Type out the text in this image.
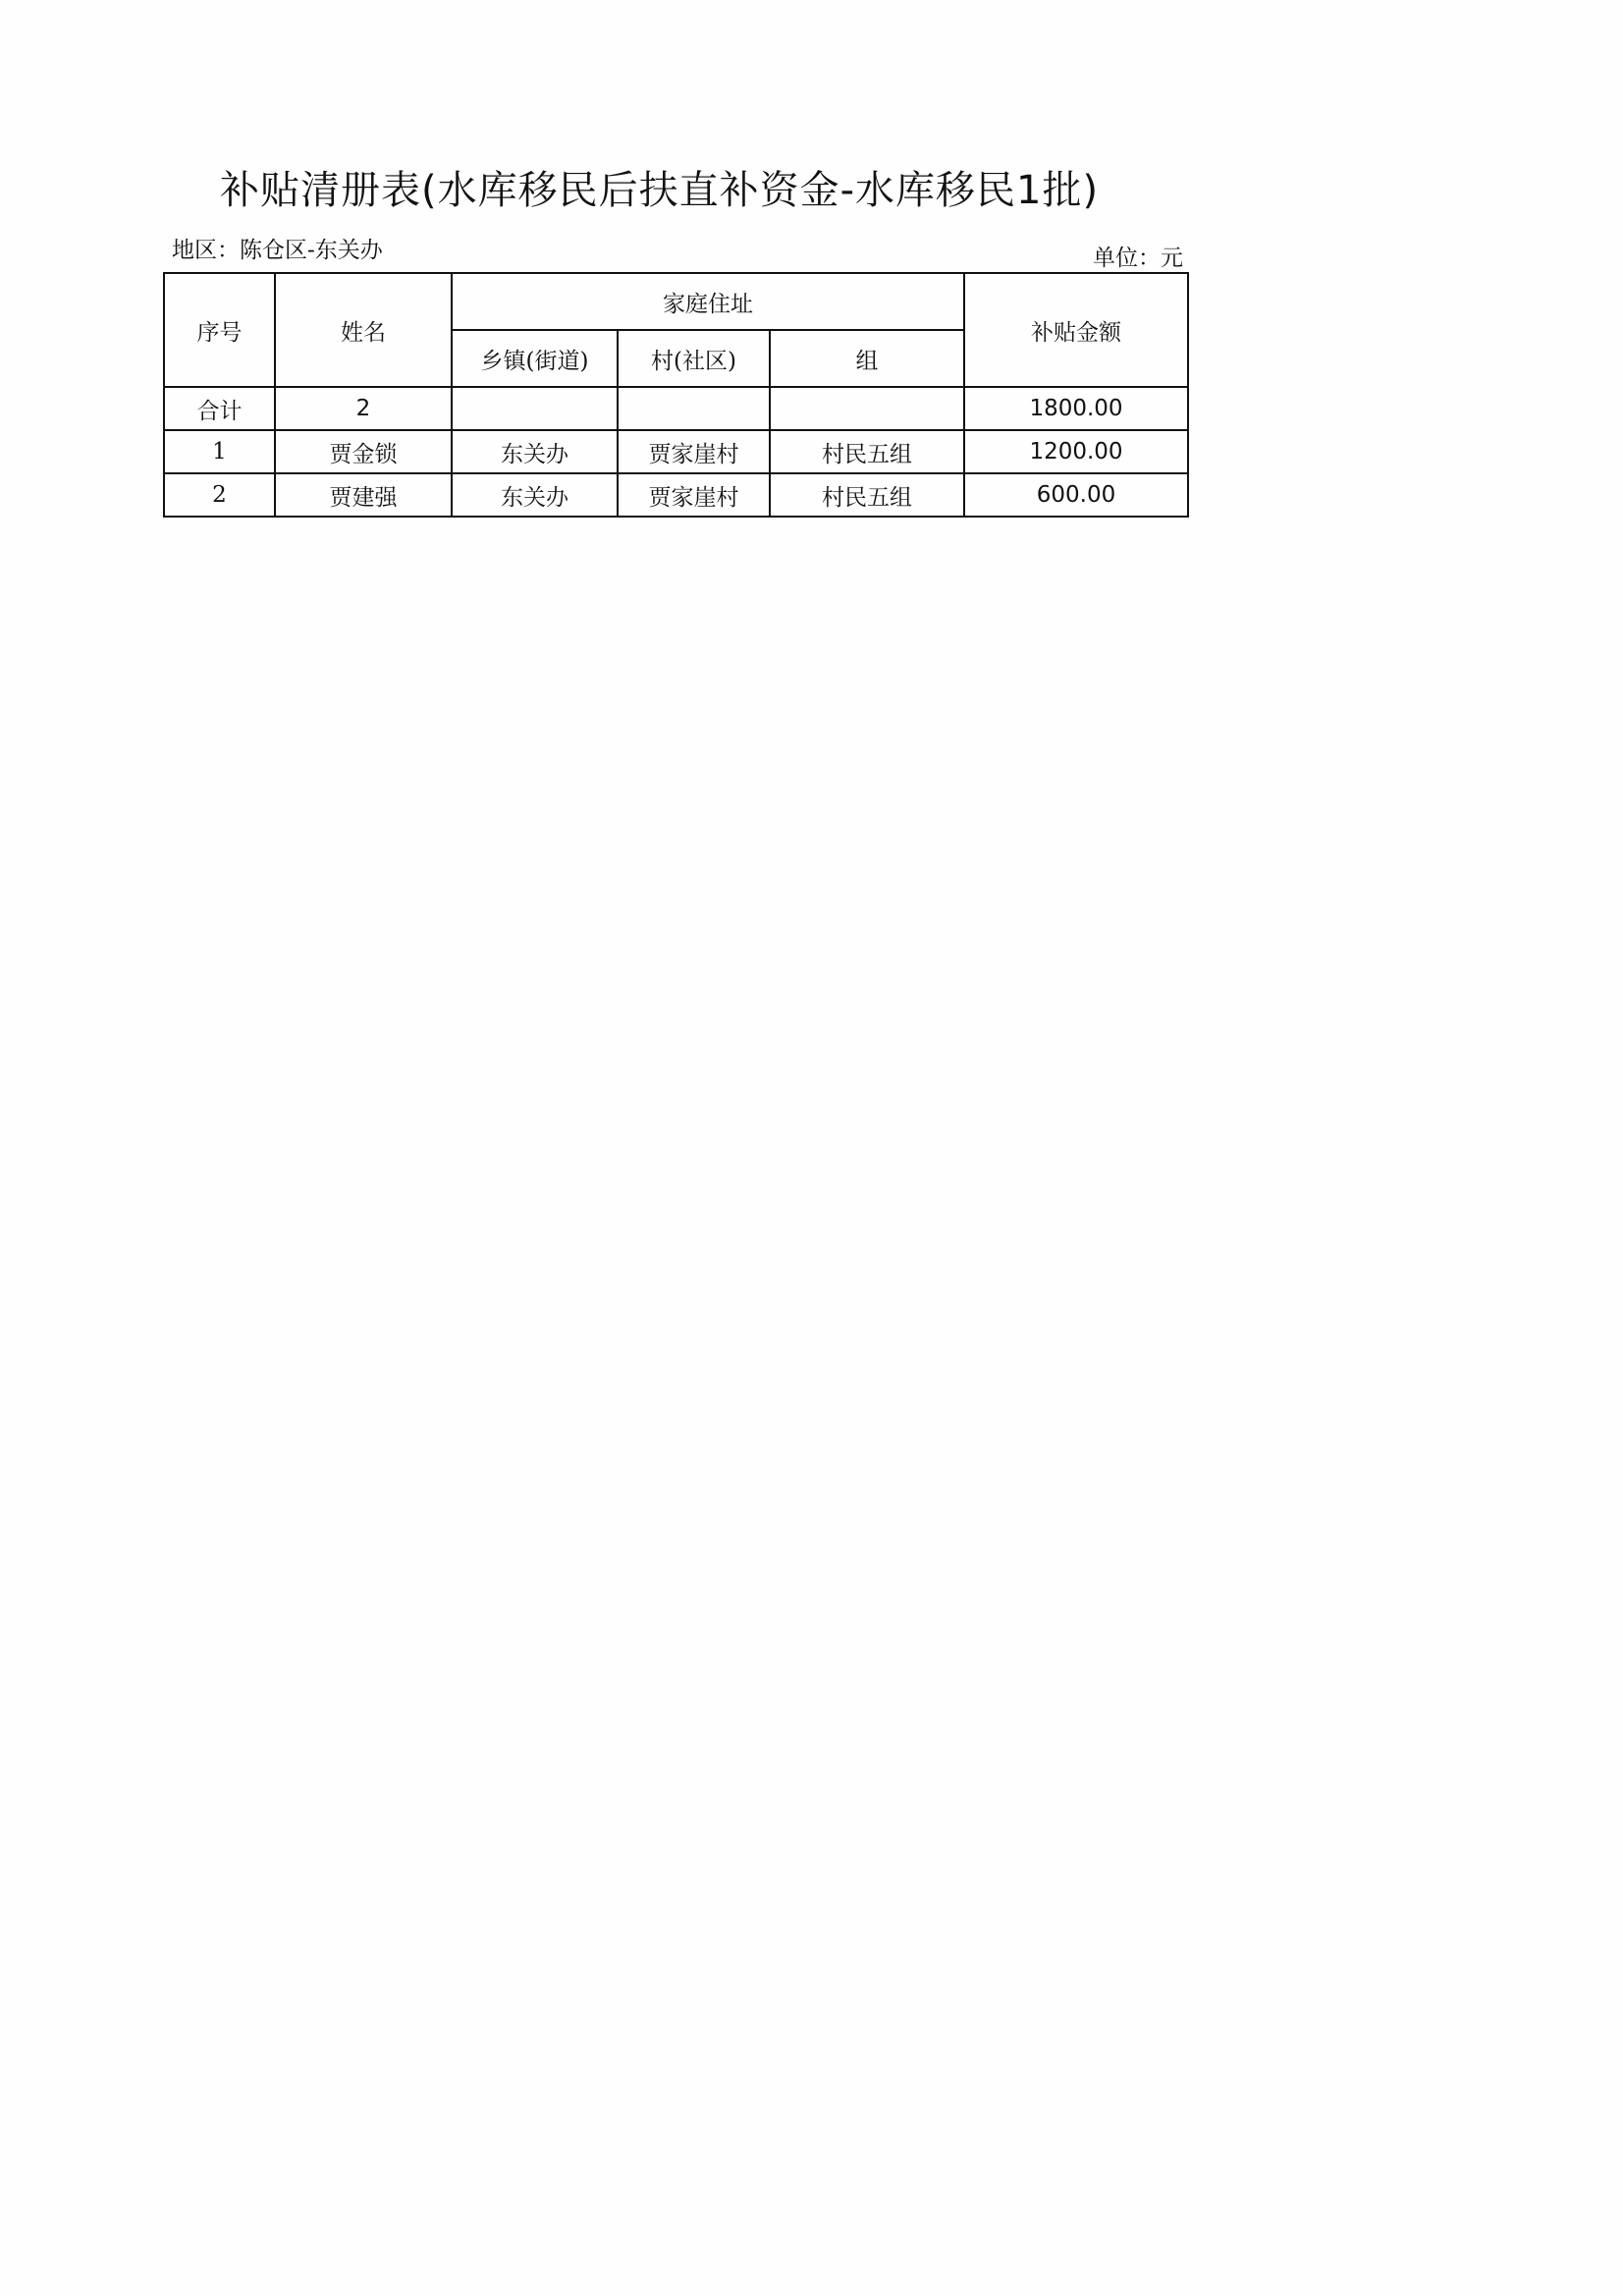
补贴清册表(水库移民后扶直补资金-水库移民1批)
地区：陈仓区-东关办	单位：元
序号	姓名	家庭住址			补贴金额
		乡镇(街道)	村(社区)	组	
合计	2				1800.00
1	贾金锁	东关办	贾家崖村	村民五组	1200.00
2	贾建强	东关办	贾家崖村	村民五组	600.00
